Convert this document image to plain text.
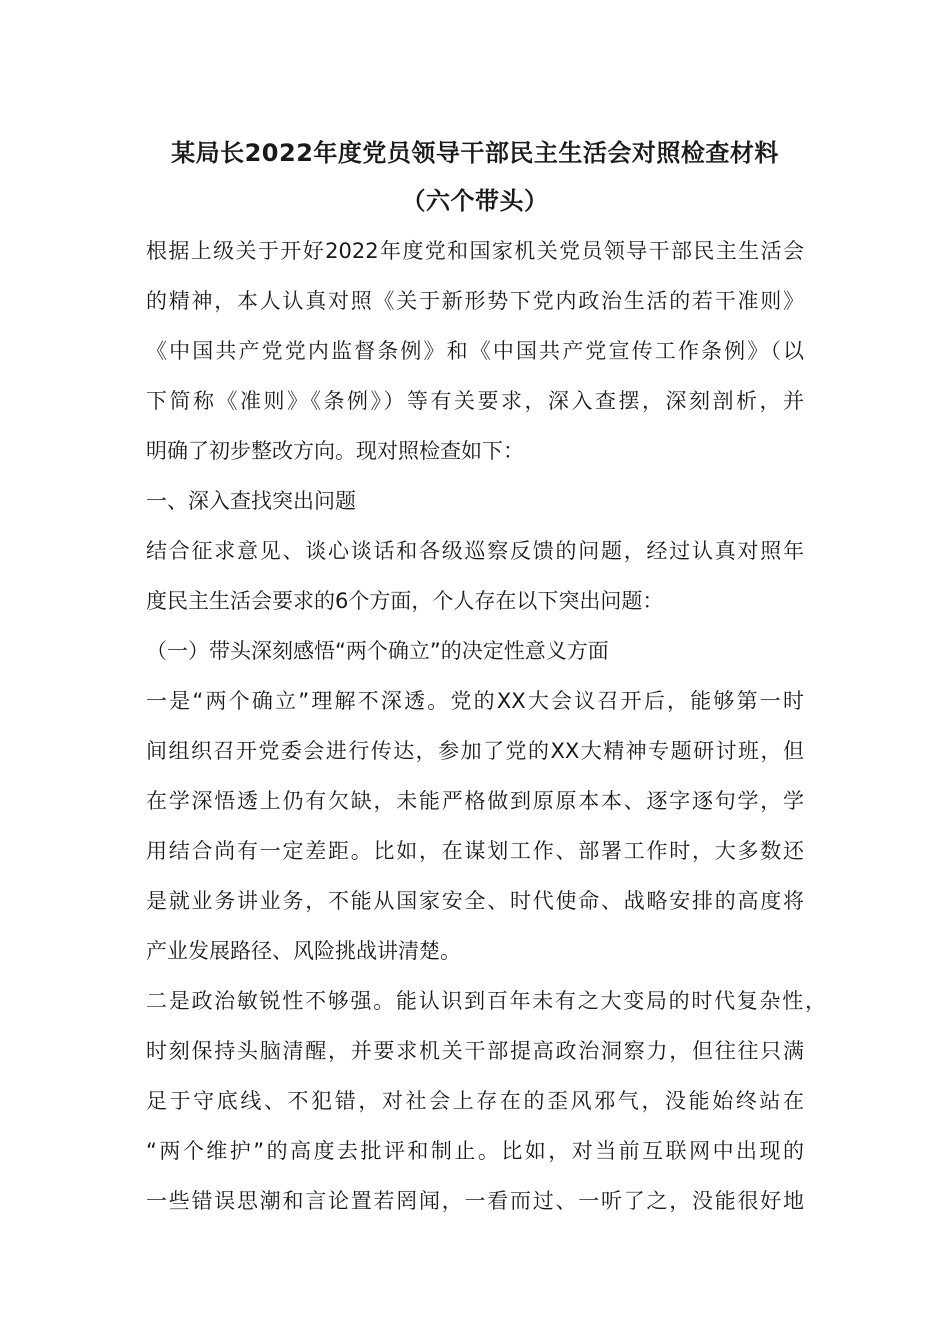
某局长2022年度党员领导干部民主生活会对照检查材料
（六个带头）
根据上级关于开好2022年度党和国家机关党员领导干部民主生活会
的精神，本人认真对照《关于新形势下党内政治生活的若干准则》
《中国共产党党内监督条例》和《中国共产党宣传工作条例》（以
下简称《准则》《条例》）等有关要求，深入查摆，深刻剖析，并
明确了初步整改方向。现对照检查如下：
一、深入查找突出问题
结合征求意见、谈心谈话和各级巡察反馈的问题，经过认真对照年
度民主生活会要求的6个方面，个人存在以下突出问题：
（一）带头深刻感悟“两个确立”的决定性意义方面
一是“两个确立”理解不深透。党的XX大会议召开后，能够第一时
间组织召开党委会进行传达，参加了党的XX大精神专题研讨班，但
在学深悟透上仍有欠缺，未能严格做到原原本本、逐字逐句学，学
用结合尚有一定差距。比如，在谋划工作、部署工作时，大多数还
是就业务讲业务，不能从国家安全、时代使命、战略安排的高度将
产业发展路径、风险挑战讲清楚。
二是政治敏锐性不够强。能认识到百年未有之大变局的时代复杂性，
时刻保持头脑清醒，并要求机关干部提高政治洞察力，但往往只满
足于守底线、不犯错，对社会上存在的歪风邪气，没能始终站在
“两个维护”的高度去批评和制止。比如，对当前互联网中出现的
一些错误思潮和言论置若罔闻，一看而过、一听了之，没能很好地
